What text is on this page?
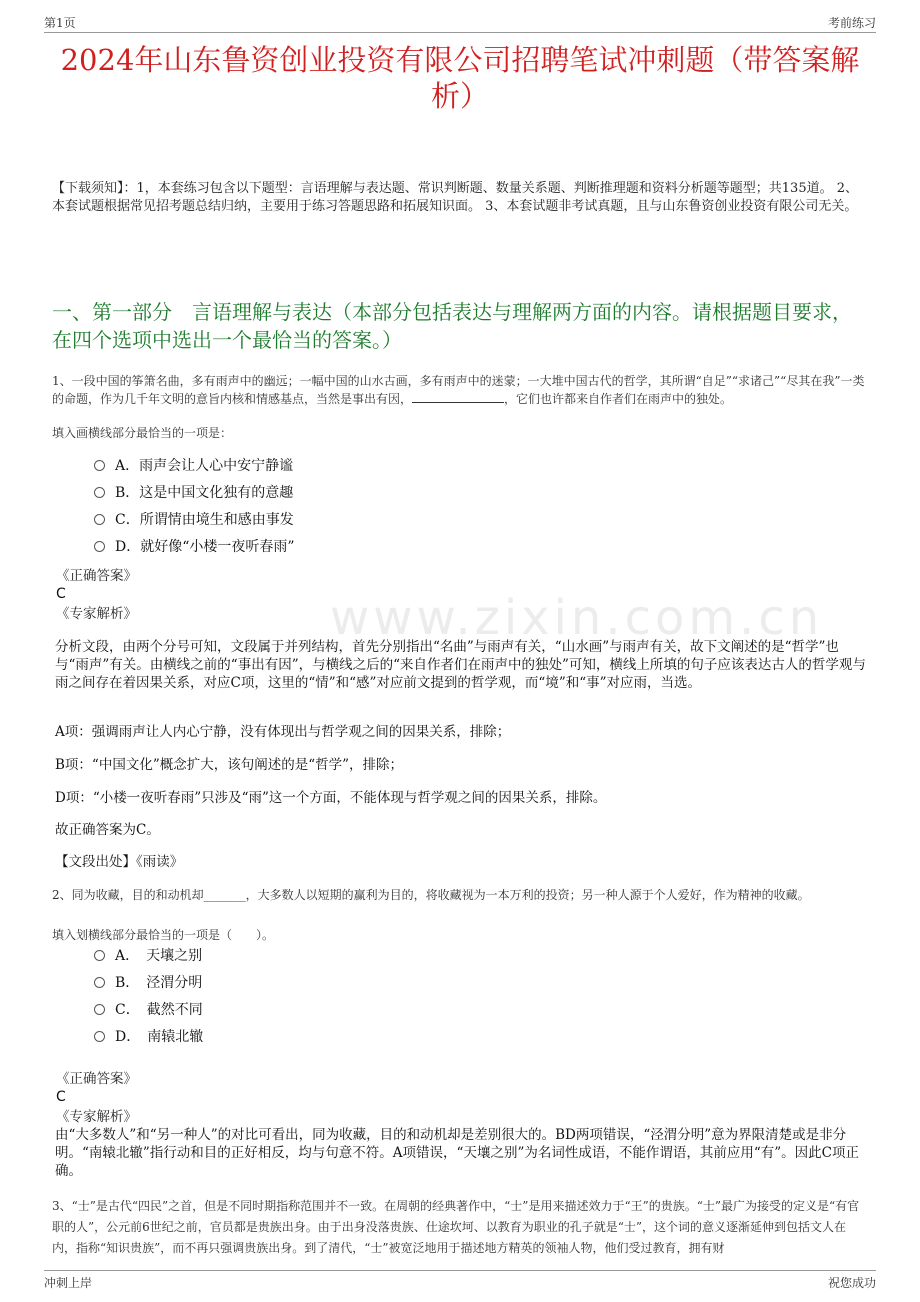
第1页	考前练习
2024年山东鲁资创业投资有限公司招聘笔试冲刺题（带答案解析）
【下载须知】：1，本套练习包含以下题型：言语理解与表达题、常识判断题、数量关系题、判断推理题和资料分析题等题型；共135道。 2、本套试题根据常见招考题总结归纳，主要用于练习答题思路和拓展知识面。 3、本套试题非考试真题，且与山东鲁资创业投资有限公司无关。
一、第一部分　言语理解与表达（本部分包括表达与理解两方面的内容。请根据题目要求，在四个选项中选出一个最恰当的答案。）
1、一段中国的筝箫名曲，多有雨声中的幽远；一幅中国的山水古画，多有雨声中的迷蒙；一大堆中国古代的哲学，其所谓“自足”“求诸己”“尽其在我”一类的命题，作为几千年文明的意旨内核和情感基点，当然是事出有因，	，它们也许都来自作者们在雨声中的独处。
填入画横线部分最恰当的一项是：
A．雨声会让人心中安宁静谧
B．这是中国文化独有的意趣
C．所谓情由境生和感由事发
D．就好像“小楼一夜听春雨”
《正确答案》
C
《专家解析》
分析文段，由两个分号可知，文段属于并列结构，首先分别指出“名曲”与雨声有关，“山水画”与雨声有关，故下文阐述的是“哲学”也与“雨声”有关。由横线之前的“事出有因”，与横线之后的“来自作者们在雨声中的独处”可知，横线上所填的句子应该表达古人的哲学观与雨之间存在着因果关系，对应C项，这里的“情”和“感”对应前文提到的哲学观，而“境”和“事”对应雨，当选。
A项：强调雨声让人内心宁静，没有体现出与哲学观之间的因果关系，排除；
B项：“中国文化”概念扩大，该句阐述的是“哲学”，排除；
D项：“小楼一夜听春雨”只涉及“雨”这一个方面，不能体现与哲学观之间的因果关系，排除。
故正确答案为C。
【文段出处】《雨读》
2、同为收藏，目的和动机却_______，大多数人以短期的赢利为目的，将收藏视为一本万利的投资；另一种人源于个人爱好，作为精神的收藏。
填入划横线部分最恰当的一项是（　　）。
A．　天壤之别
B．　泾渭分明
C．　截然不同
D．　南辕北辙
《正确答案》
C
《专家解析》
由“大多数人”和“另一种人”的对比可看出，同为收藏，目的和动机却是差别很大的。BD两项错误，“泾渭分明”意为界限清楚或是非分明。“南辕北辙”指行动和目的正好相反，均与句意不符。A项错误，“天壤之别”为名词性成语，不能作谓语，其前应用“有”。因此C项正确。
3、“士”是古代“四民”之首，但是不同时期指称范围并不一致。在周朝的经典著作中，“士”是用来描述效力于“王”的贵族。“士”最广为接受的定义是“有官职的人”，公元前6世纪之前，官员都是贵族出身。由于出身没落贵族、仕途坎坷、以教育为职业的孔子就是“士”，这个词的意义逐渐延伸到包括文人在内，指称“知识贵族”，而不再只强调贵族出身。到了清代，“士”被宽泛地用于描述地方精英的领袖人物，他们受过教育，拥有财
www.zixin.com.cn
冲刺上岸	祝您成功
